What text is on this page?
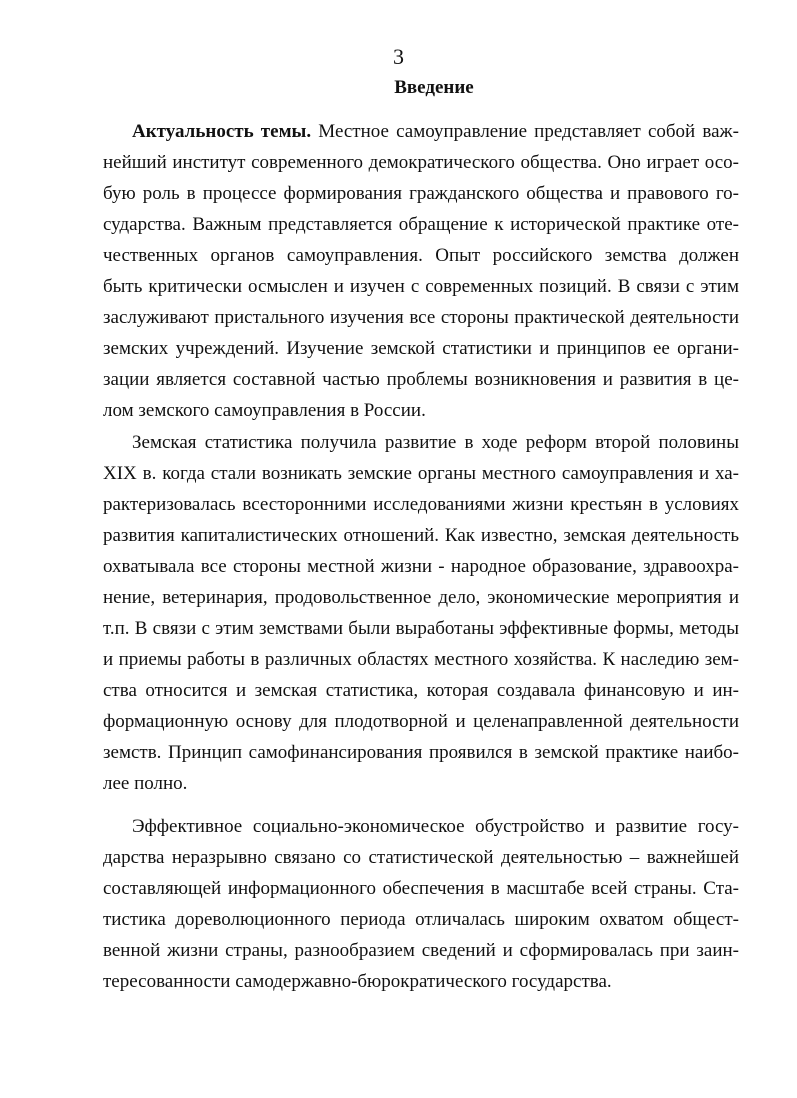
3
Введение
Актуальность темы. Местное самоуправление представляет собой важ-
нейший институт современного демократического общества. Оно играет осо-
бую роль в процессе формирования гражданского общества и правового го-
сударства. Важным представляется обращение к исторической практике оте-
чественных органов самоуправления. Опыт российского земства должен
быть критически осмыслен и изучен с современных позиций. В связи с этим
заслуживают пристального изучения все стороны практической деятельности
земских учреждений. Изучение земской статистики и принципов ее органи-
зации является составной частью проблемы возникновения и развития в це-
лом земского самоуправления в России.
Земская статистика получила развитие в ходе реформ второй половины
XIX в. когда стали возникать земские органы местного самоуправления и ха-
рактеризовалась всесторонними исследованиями жизни крестьян в условиях
развития капиталистических отношений. Как известно, земская деятельность
охватывала все стороны местной жизни - народное образование, здравоохра-
нение, ветеринария, продовольственное дело, экономические мероприятия и
т.п. В связи с этим земствами были выработаны эффективные формы, методы
и приемы работы в различных областях местного хозяйства. К наследию зем-
ства относится и земская статистика, которая создавала финансовую и ин-
формационную основу для плодотворной и целенаправленной деятельности
земств. Принцип самофинансирования проявился в земской практике наибо-
лее полно.
Эффективное социально-экономическое обустройство и развитие госу-
дарства неразрывно связано со статистической деятельностью – важнейшей
составляющей информационного обеспечения в масштабе всей страны. Ста-
тистика дореволюционного периода отличалась широким охватом общест-
венной жизни страны, разнообразием сведений и сформировалась при заин-
тересованности самодержавно-бюрократического государства.
